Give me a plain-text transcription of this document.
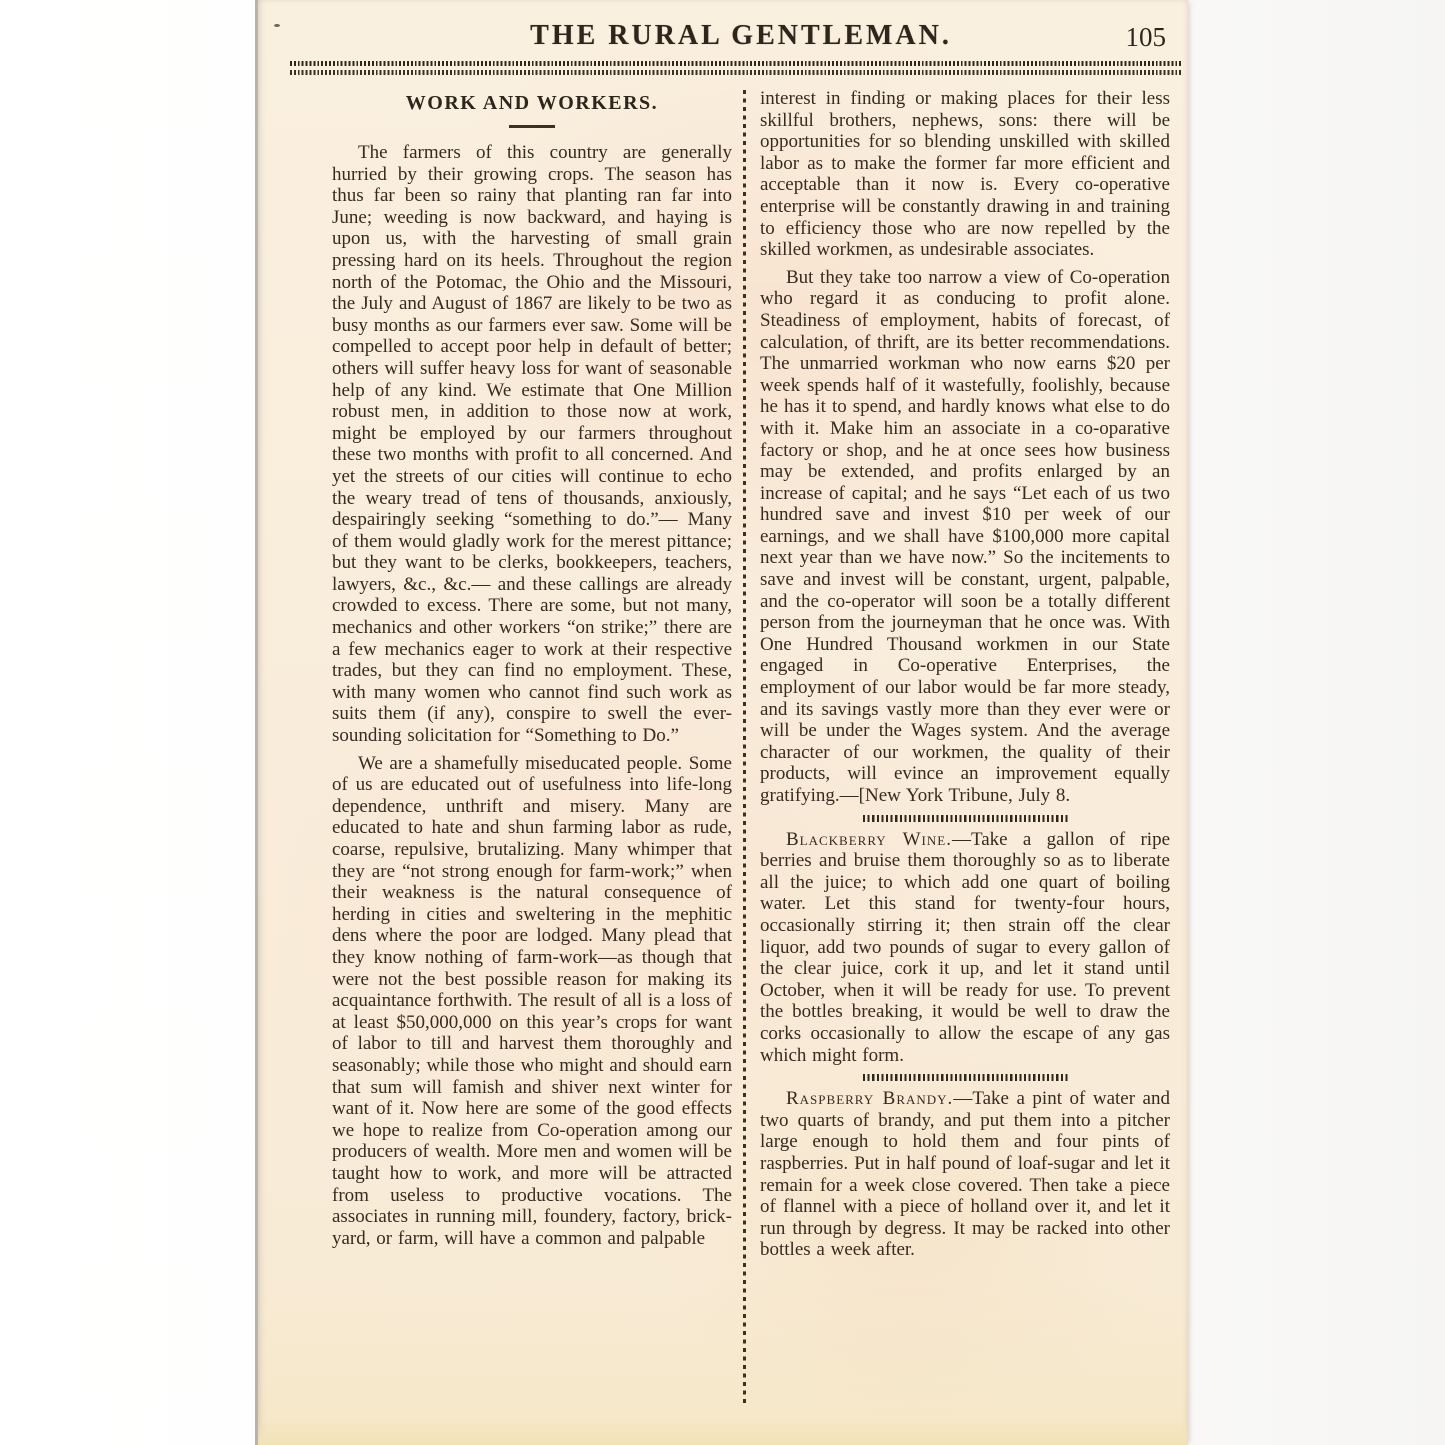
THE RURAL GENTLEMAN.	105
WORK AND WORKERS.

The farmers of this country are generally hurried by their growing crops. The season has thus far been so rainy that planting ran far into June; weeding is now backward, and haying is upon us, with the harvesting of small grain pressing hard on its heels. Throughout the region north of the Potomac, the Ohio and the Missouri, the July and August of 1867 are likely to be two as busy months as our farmers ever saw. Some will be compelled to accept poor help in default of better; others will suffer heavy loss for want of seasonable help of any kind. We estimate that One Million robust men, in addition to those now at work, might be employed by our farmers throughout these two months with profit to all concerned. And yet the streets of our cities will continue to echo the weary tread of tens of thousands, anxiously, despairingly seeking “something to do.”— Many of them would gladly work for the merest pittance; but they want to be clerks, bookkeepers, teachers, lawyers, &c., &c.— and these callings are already crowded to excess. There are some, but not many, mechanics and other workers “on strike;” there are a few mechanics eager to work at their respective trades, but they can find no employment. These, with many women who cannot find such work as suits them (if any), conspire to swell the ever-sounding solicitation for “Something to Do.”

We are a shamefully miseducated people. Some of us are educated out of usefulness into life-long dependence, unthrift and misery. Many are educated to hate and shun farming labor as rude, coarse, repulsive, brutalizing. Many whimper that they are “not strong enough for farm-work;” when their weakness is the natural consequence of herding in cities and sweltering in the mephitic dens where the poor are lodged. Many plead that they know nothing of farm-work—as though that were not the best possible reason for making its acquaintance forthwith. The result of all is a loss of at least $50,000,000 on this year’s crops for want of labor to till and harvest them thoroughly and seasonably; while those who might and should earn that sum will famish and shiver next winter for want of it. Now here are some of the good effects we hope to realize from Co-operation among our producers of wealth. More men and women will be taught how to work, and more will be attracted from useless to productive vocations. The associates in running mill, foundery, factory, brick-yard, or farm, will have a common and palpable

interest in finding or making places for their less skillful brothers, nephews, sons: there will be opportunities for so blending unskilled with skilled labor as to make the former far more efficient and acceptable than it now is. Every co-operative enterprise will be constantly drawing in and training to efficiency those who are now repelled by the skilled workmen, as undesirable associates.

But they take too narrow a view of Co-operation who regard it as conducing to profit alone. Steadiness of employment, habits of forecast, of calculation, of thrift, are its better recommendations. The unmarried workman who now earns $20 per week spends half of it wastefully, foolishly, because he has it to spend, and hardly knows what else to do with it. Make him an associate in a co-oparative factory or shop, and he at once sees how business may be extended, and profits enlarged by an increase of capital; and he says “Let each of us two hundred save and invest $10 per week of our earnings, and we shall have $100,000 more capital next year than we have now.” So the incitements to save and invest will be constant, urgent, palpable, and the co-operator will soon be a totally different person from the journeyman that he once was. With One Hundred Thousand workmen in our State engaged in Co-operative Enterprises, the employment of our labor would be far more steady, and its savings vastly more than they ever were or will be under the Wages system. And the average character of our workmen, the quality of their products, will evince an improvement equally gratifying.—[New York Tribune, July 8.

Blackberry Wine.—Take a gallon of ripe berries and bruise them thoroughly so as to liberate all the juice; to which add one quart of boiling water. Let this stand for twenty-four hours, occasionally stirring it; then strain off the clear liquor, add two pounds of sugar to every gallon of the clear juice, cork it up, and let it stand until October, when it will be ready for use. To prevent the bottles breaking, it would be well to draw the corks occasionally to allow the escape of any gas which might form.

Raspberry Brandy.—Take a pint of water and two quarts of brandy, and put them into a pitcher large enough to hold them and four pints of raspberries. Put in half pound of loaf-sugar and let it remain for a week close covered. Then take a piece of flannel with a piece of holland over it, and let it run through by degress. It may be racked into other bottles a week after.
